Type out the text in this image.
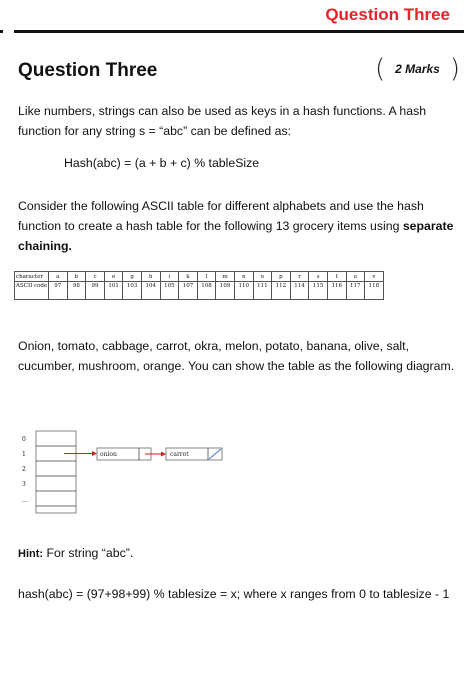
Question Three
Question Three	( 2 Marks )
Like numbers, strings can also be used as keys in a hash functions. A hash function for any string s = “abc” can be defined as:
Hash(abc) = (a + b + c) % tableSize
Consider the following ASCII table for different alphabets and use the hash function to create a hash table for the following 13 grocery items using separate chaining.
character	a	b	c	e	g	h	i	k	l	m	n	o	p	r	s	t	u	v
ASCII code	97	98	99	101	103	104	105	107	108	109	110	111	112	114	115	116	117	118
Onion, tomato, cabbage, carrot, okra, melon, potato, banana, olive, salt, cucumber, mushroom, orange. You can show the table as the following diagram.
0
1
2
3
...
onion	carrot
Hint: For string “abc”.
hash(abc) = (97+98+99) % tablesize = x; where x ranges from 0 to tablesize - 1
